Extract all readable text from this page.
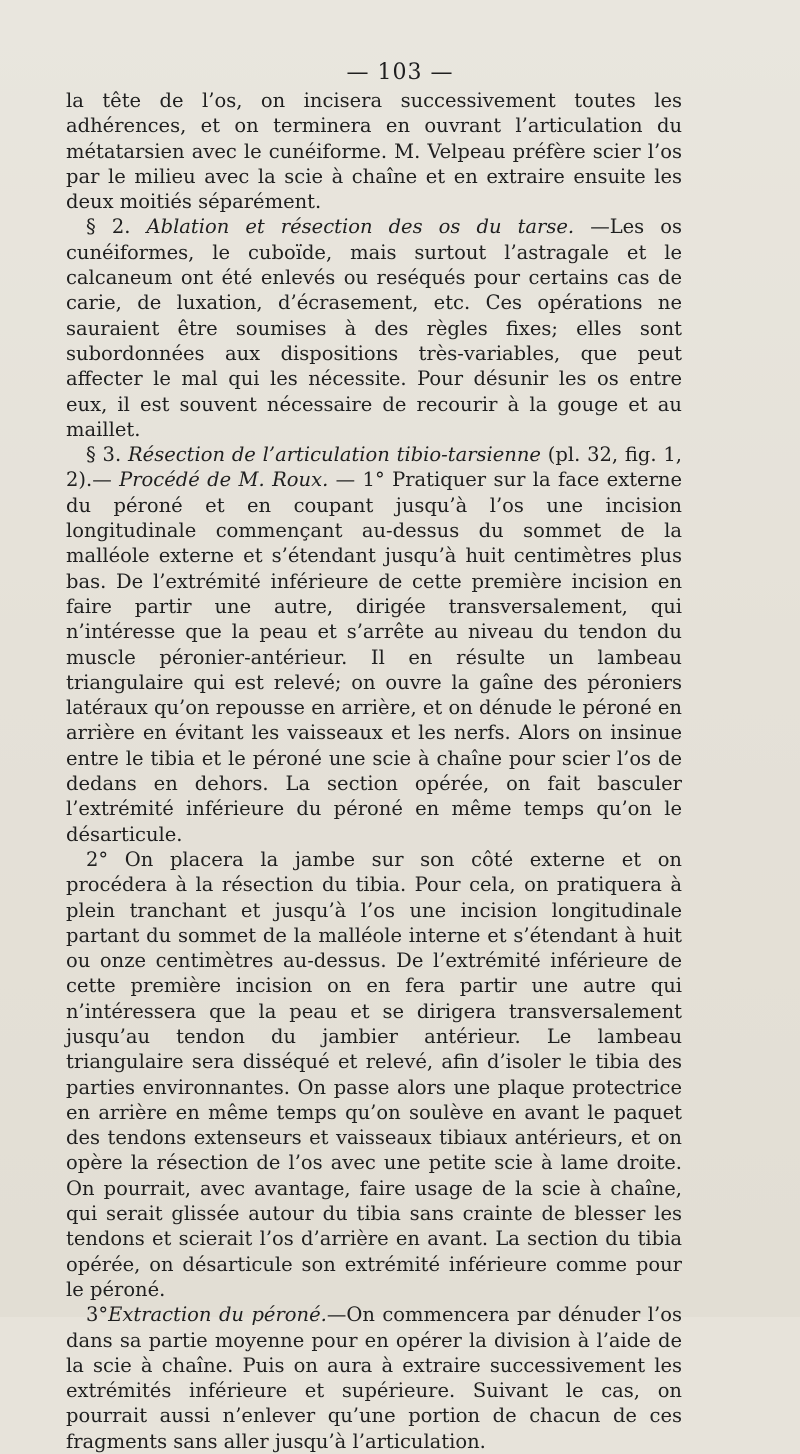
— 103 —

la tête de l’os, on incisera successivement toutes les adhérences, et on terminera en ouvrant l’articulation du métatarsien avec le cunéiforme. M. Velpeau préfère scier l’os par le milieu avec la scie à chaîne et en extraire ensuite les deux moitiés séparément.

§ 2. Ablation et résection des os du tarse. —Les os cunéiformes, le cuboïde, mais surtout l’astragale et le calcaneum ont été enlevés ou reséqués pour certains cas de carie, de luxation, d’écrasement, etc. Ces opérations ne sauraient être soumises à des règles fixes; elles sont subordonnées aux dispositions très-variables, que peut affecter le mal qui les nécessite. Pour désunir les os entre eux, il est souvent nécessaire de recourir à la gouge et au maillet.

§ 3. Résection de l’articulation tibio-tarsienne (pl. 32, fig. 1, 2).— Procédé de M. Roux. — 1° Pratiquer sur la face externe du péroné et en coupant jusqu’à l’os une incision longitudinale commençant au-dessus du sommet de la malléole externe et s’étendant jusqu’à huit centimètres plus bas. De l’extrémité inférieure de cette première incision en faire partir une autre, dirigée transversalement, qui n’intéresse que la peau et s’arrête au niveau du tendon du muscle péronier-antérieur. Il en résulte un lambeau triangulaire qui est relevé; on ouvre la gaîne des péroniers latéraux qu’on repousse en arrière, et on dénude le péroné en arrière en évitant les vaisseaux et les nerfs. Alors on insinue entre le tibia et le péroné une scie à chaîne pour scier l’os de dedans en dehors. La section opérée, on fait basculer l’extrémité inférieure du péroné en même temps qu’on le désarticule.

2° On placera la jambe sur son côté externe et on procédera à la résection du tibia. Pour cela, on pratiquera à plein tranchant et jusqu’à l’os une incision longitudinale partant du sommet de la malléole interne et s’étendant à huit ou onze centimètres au-dessus. De l’extrémité inférieure de cette première incision on en fera partir une autre qui n’intéressera que la peau et se dirigera transversalement jusqu’au tendon du jambier antérieur. Le lambeau triangulaire sera disséqué et relevé, afin d’isoler le tibia des parties environnantes. On passe alors une plaque protectrice en arrière en même temps qu’on soulève en avant le paquet des tendons extenseurs et vaisseaux tibiaux antérieurs, et on opère la résection de l’os avec une petite scie à lame droite. On pourrait, avec avantage, faire usage de la scie à chaîne, qui serait glissée autour du tibia sans crainte de blesser les tendons et scierait l’os d’arrière en avant. La section du tibia opérée, on désarticule son extrémité inférieure comme pour le péroné.

3°Extraction du péroné.—On commencera par dénuder l’os dans sa partie moyenne pour en opérer la division à l’aide de la scie à chaîne. Puis on aura à extraire successivement les extrémités inférieure et supérieure. Suivant le cas, on pourrait aussi n’enlever qu’une portion de chacun de ces fragments sans aller jusqu’à l’articulation.
